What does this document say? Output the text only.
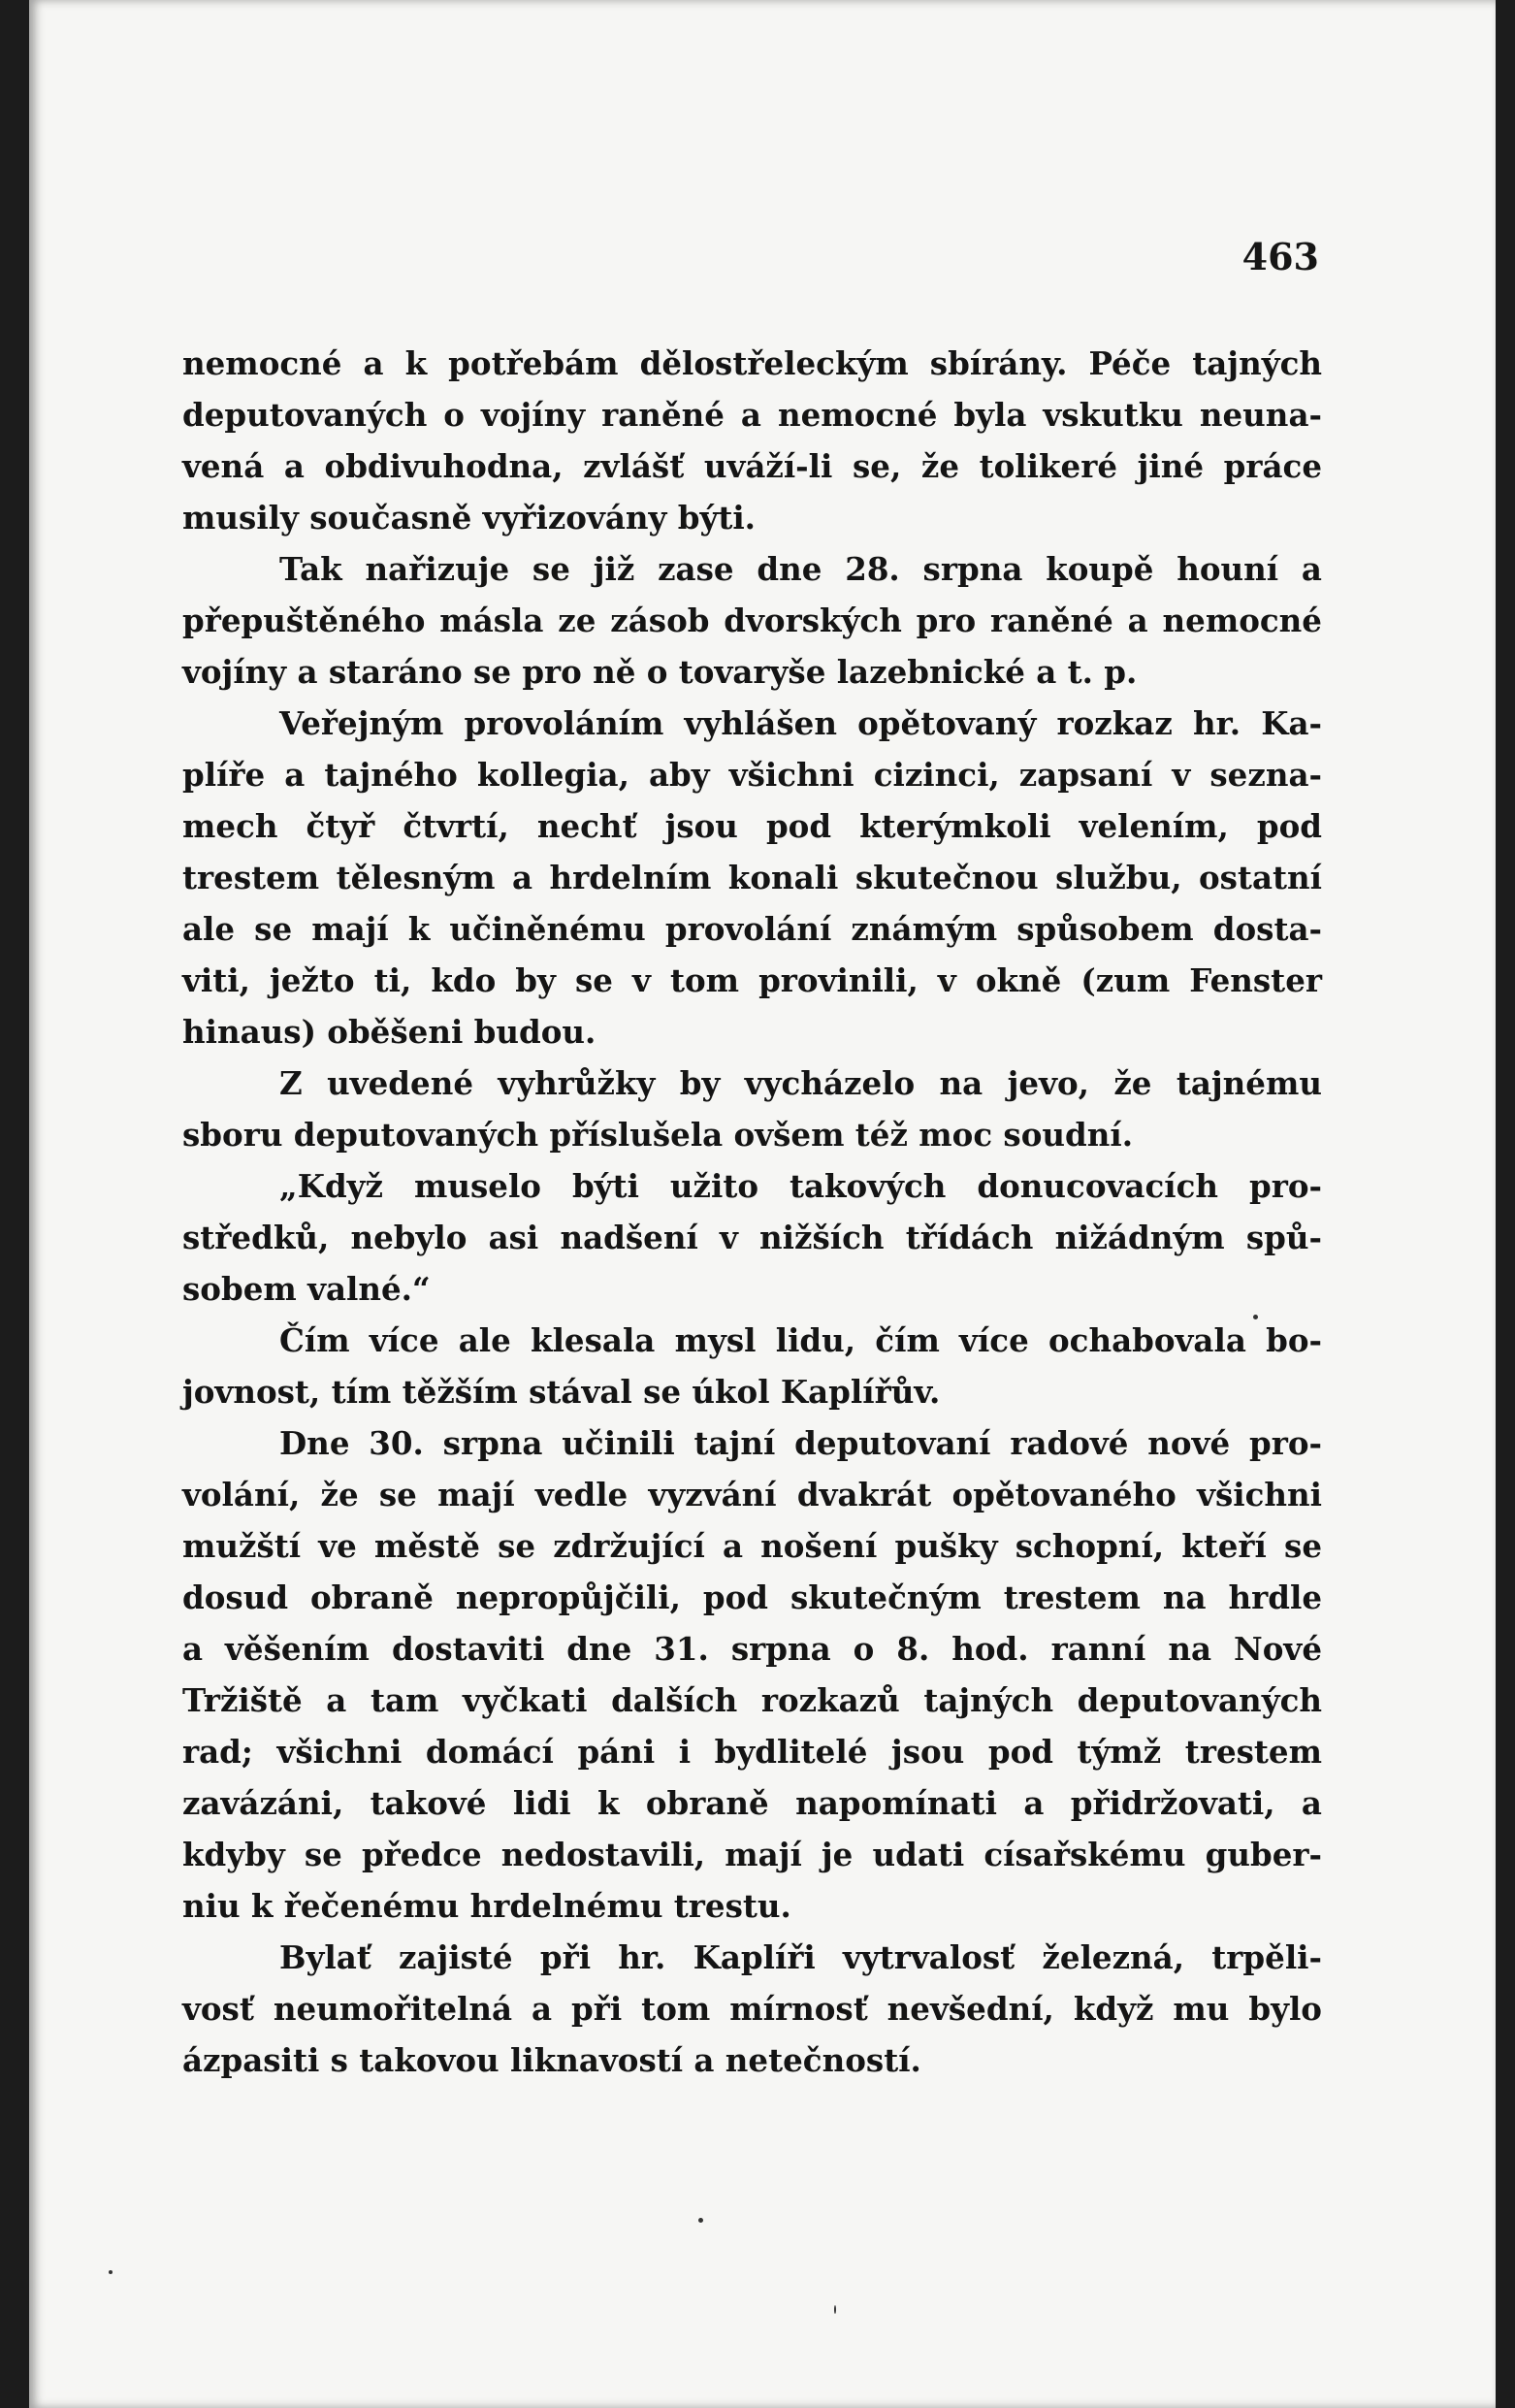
463
nemocné a k potřebám dělostřeleckým sbírány. Péče tajných
deputovaných o vojíny raněné a nemocné byla vskutku neuna-
vená a obdivuhodna, zvlášť uváží-li se, že tolikeré jiné práce
musily současně vyřizovány býti.
Tak nařizuje se již zase dne 28. srpna koupě houní a
přepuštěného másla ze zásob dvorských pro raněné a nemocné
vojíny a staráno se pro ně o tovaryše lazebnické a t. p.
Veřejným provoláním vyhlášen opětovaný rozkaz hr. Ka-
plíře a tajného kollegia, aby všichni cizinci, zapsaní v sezna-
mech čtyř čtvrtí, nechť jsou pod kterýmkoli velením, pod
trestem tělesným a hrdelním konali skutečnou službu, ostatní
ale se mají k učiněnému provolání známým spůsobem dosta-
viti, ježto ti, kdo by se v tom provinili, v okně (zum Fenster
hinaus) oběšeni budou.
Z uvedené vyhrůžky by vycházelo na jevo, že tajnému
sboru deputovaných příslušela ovšem též moc soudní.
„Když muselo býti užito takových donucovacích pro-
středků, nebylo asi nadšení v nižších třídách nižádným spů-
sobem valné.“
Čím více ale klesala mysl lidu, čím více ochabovala bo-
jovnost, tím těžším stával se úkol Kaplířův.
Dne 30. srpna učinili tajní deputovaní radové nové pro-
volání, že se mají vedle vyzvání dvakrát opětovaného všichni
mužští ve městě se zdržující a nošení pušky schopní, kteří se
dosud obraně nepropůjčili, pod skutečným trestem na hrdle
a věšením dostaviti dne 31. srpna o 8. hod. ranní na Nové
Tržiště a tam vyčkati dalších rozkazů tajných deputovaných
rad; všichni domácí páni i bydlitelé jsou pod týmž trestem
zavázáni, takové lidi k obraně napomínati a přidržovati, a
kdyby se předce nedostavili, mají je udati císařskému guber-
niu k řečenému hrdelnému trestu.
Bylať zajisté při hr. Kaplíři vytrvalosť železná, trpěli-
vosť neumořitelná a při tom mírnosť nevšední, když mu bylo
ázpasiti s takovou liknavostí a netečností.
